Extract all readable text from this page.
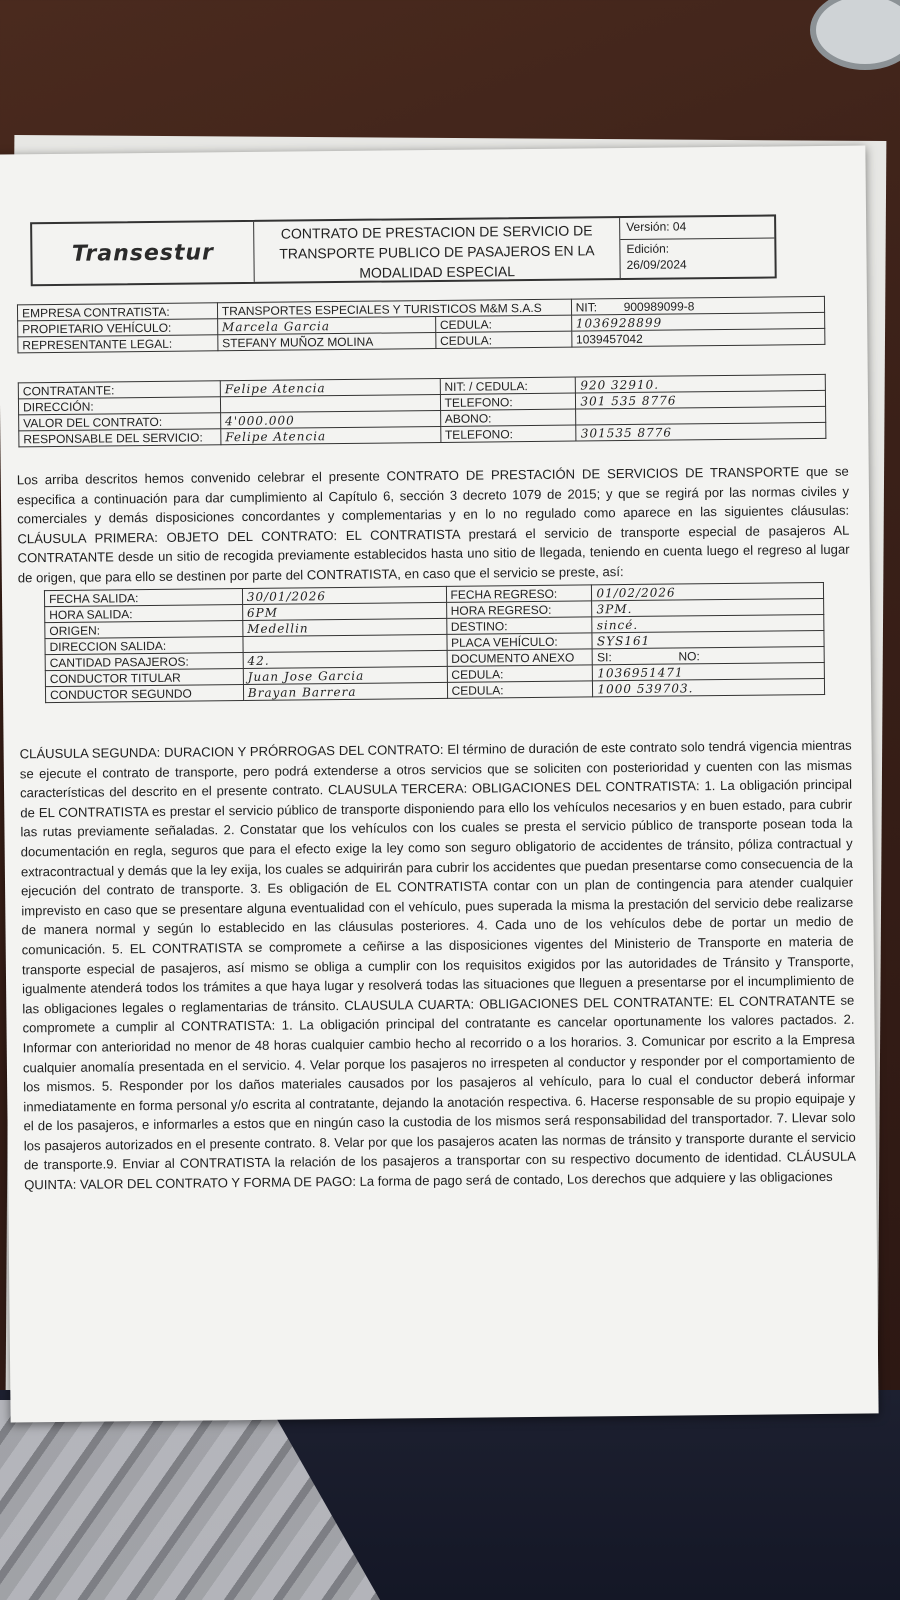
Transestur
CONTRATO DE PRESTACION DE SERVICIO DE TRANSPORTE PUBLICO DE PASAJEROS EN LA MODALIDAD ESPECIAL
Versión: 04
Edición:
26/09/2024
EMPRESA CONTRATISTA:	TRANSPORTES ESPECIALES Y TURISTICOS M&M S.A.S		NIT: 900989099-8
PROPIETARIO VEHÍCULO:	Marcela Garcia	CEDULA:	1036928899
REPRESENTANTE LEGAL:	STEFANY MUÑOZ MOLINA	CEDULA:	1039457042
CONTRATANTE:	Felipe Atencia	NIT: / CEDULA:	920 32910.
DIRECCIÓN:		TELEFONO:	301 535 8776
VALOR DEL CONTRATO:	4'000.000	ABONO:	
RESPONSABLE DEL SERVICIO:	Felipe Atencia	TELEFONO:	301535 8776
Los arriba descritos hemos convenido celebrar el presente CONTRATO DE PRESTACIÓN DE SERVICIOS DE TRANSPORTE que se especifica a continuación para dar cumplimiento al Capítulo 6, sección 3 decreto 1079 de 2015; y que se regirá por las normas civiles y comerciales y demás disposiciones concordantes y complementarias y en lo no regulado como aparece en las siguientes cláusulas: CLÁUSULA PRIMERA: OBJETO DEL CONTRATO: EL CONTRATISTA prestará el servicio de transporte especial de pasajeros AL CONTRATANTE desde un sitio de recogida previamente establecidos hasta uno sitio de llegada, teniendo en cuenta luego el regreso al lugar de origen, que para ello se destinen por parte del CONTRATISTA, en caso que el servicio se preste, así:
FECHA SALIDA:	30/01/2026	FECHA REGRESO:	01/02/2026
HORA SALIDA:	6PM	HORA REGRESO:	3PM.
ORIGEN:	Medellin	DESTINO:	sincé.
DIRECCION SALIDA:		PLACA VEHÍCULO:	SYS161
CANTIDAD PASAJEROS:	42.	DOCUMENTO ANEXO	SI: NO:
CONDUCTOR TITULAR	Juan Jose Garcia	CEDULA:	1036951471
CONDUCTOR SEGUNDO	Brayan Barrera	CEDULA:	1000 539703.
CLÁUSULA SEGUNDA: DURACION Y PRÓRROGAS DEL CONTRATO: El término de duración de este contrato solo tendrá vigencia mientras se ejecute el contrato de transporte, pero podrá extenderse a otros servicios que se soliciten con posterioridad y cuenten con las mismas características del descrito en el presente contrato. CLAUSULA TERCERA: OBLIGACIONES DEL CONTRATISTA: 1. La obligación principal de EL CONTRATISTA es prestar el servicio público de transporte disponiendo para ello los vehículos necesarios y en buen estado, para cubrir las rutas previamente señaladas. 2. Constatar que los vehículos con los cuales se presta el servicio público de transporte posean toda la documentación en regla, seguros que para el efecto exige la ley como son seguro obligatorio de accidentes de tránsito, póliza contractual y extracontractual y demás que la ley exija, los cuales se adquirirán para cubrir los accidentes que puedan presentarse como consecuencia de la ejecución del contrato de transporte. 3. Es obligación de EL CONTRATISTA contar con un plan de contingencia para atender cualquier imprevisto en caso que se presentare alguna eventualidad con el vehículo, pues superada la misma la prestación del servicio debe realizarse de manera normal y según lo establecido en las cláusulas posteriores. 4. Cada uno de los vehículos debe de portar un medio de comunicación. 5. EL CONTRATISTA se compromete a ceñirse a las disposiciones vigentes del Ministerio de Transporte en materia de transporte especial de pasajeros, así mismo se obliga a cumplir con los requisitos exigidos por las autoridades de Tránsito y Transporte, igualmente atenderá todos los trámites a que haya lugar y resolverá todas las situaciones que lleguen a presentarse por el incumplimiento de las obligaciones legales o reglamentarias de tránsito. CLAUSULA CUARTA: OBLIGACIONES DEL CONTRATANTE: EL CONTRATANTE se compromete a cumplir al CONTRATISTA: 1. La obligación principal del contratante es cancelar oportunamente los valores pactados. 2. Informar con anterioridad no menor de 48 horas cualquier cambio hecho al recorrido o a los horarios. 3. Comunicar por escrito a la Empresa cualquier anomalía presentada en el servicio. 4. Velar porque los pasajeros no irrespeten al conductor y responder por el comportamiento de los mismos. 5. Responder por los daños materiales causados por los pasajeros al vehículo, para lo cual el conductor deberá informar inmediatamente en forma personal y/o escrita al contratante, dejando la anotación respectiva. 6. Hacerse responsable de su propio equipaje y el de los pasajeros, e informarles a estos que en ningún caso la custodia de los mismos será responsabilidad del transportador. 7. Llevar solo los pasajeros autorizados en el presente contrato. 8. Velar por que los pasajeros acaten las normas de tránsito y transporte durante el servicio de transporte.9. Enviar al CONTRATISTA la relación de los pasajeros a transportar con su respectivo documento de identidad. CLÁUSULA QUINTA: VALOR DEL CONTRATO Y FORMA DE PAGO: La forma de pago será de contado, Los derechos que adquiere y las obligaciones
